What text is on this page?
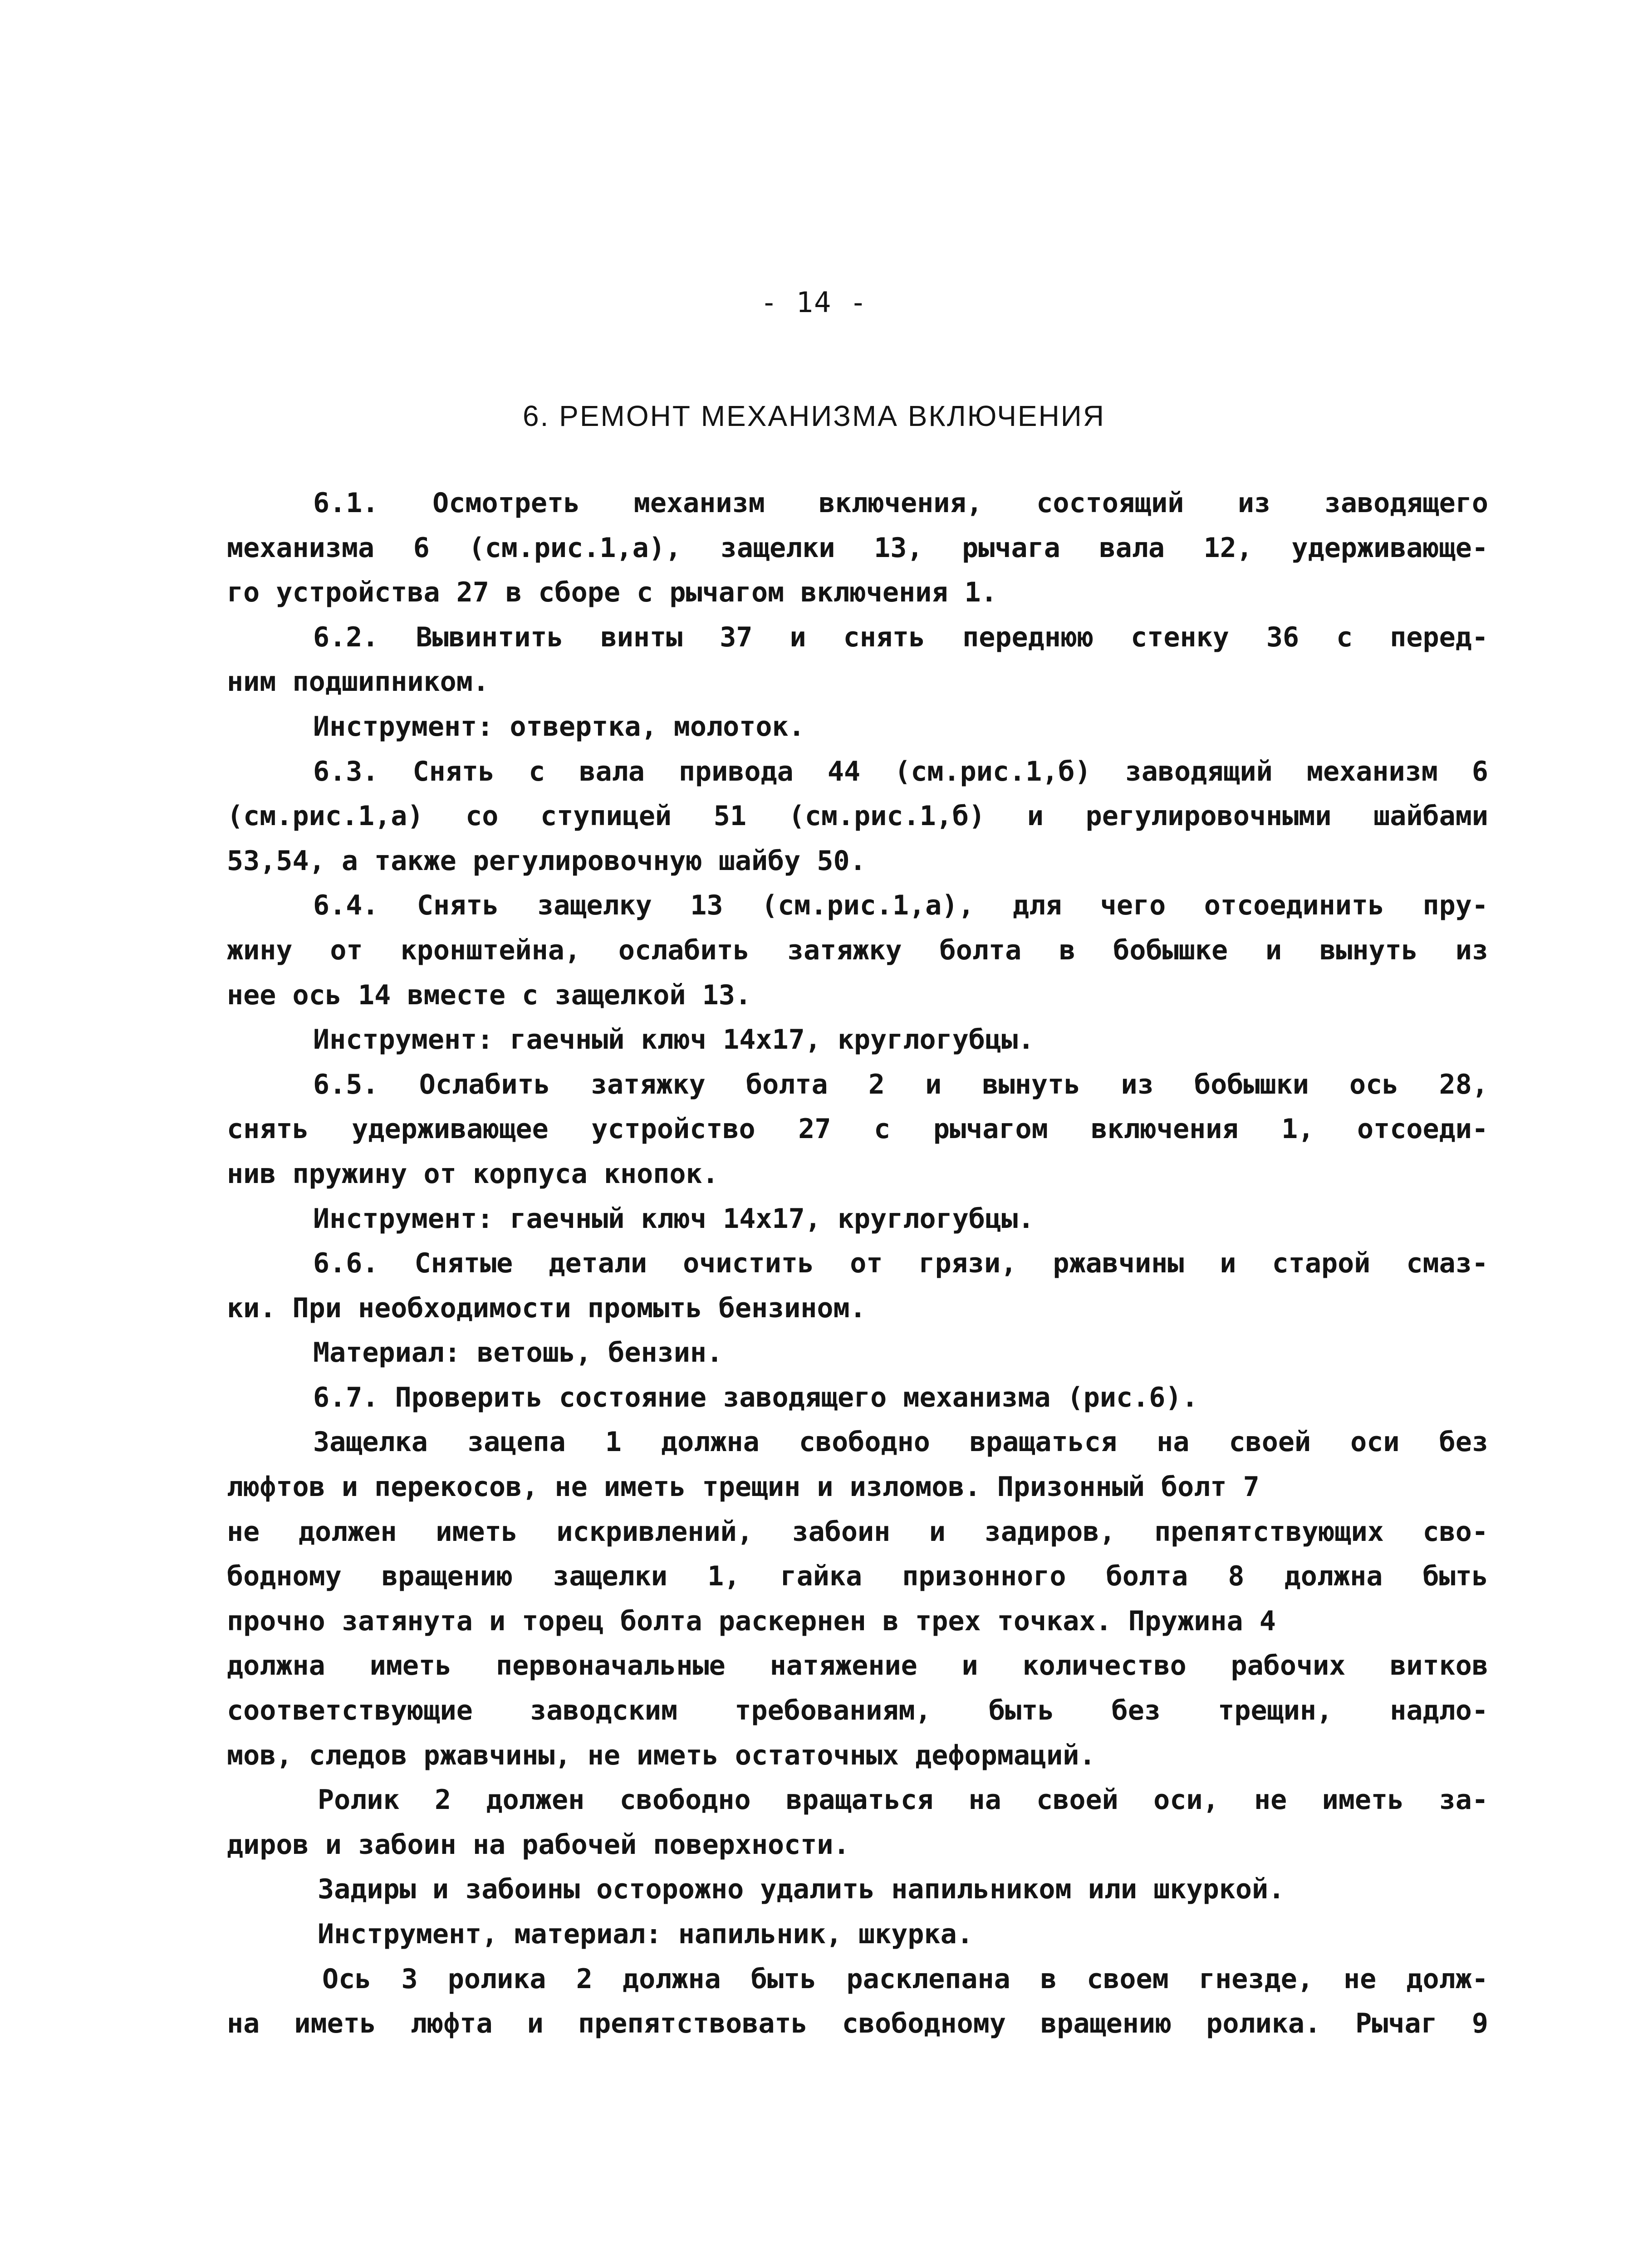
- 14 -
6. РЕМОНТ МЕХАНИЗМА ВКЛЮЧЕНИЯ
6.1. Осмотреть механизм включения, состоящий из заводящего
механизма 6 (см.рис.1,а), защелки 13, рычага вала 12, удерживающе-
го устройства 27 в сборе с рычагом включения 1.
6.2. Вывинтить винты 37 и снять переднюю стенку 36 с перед-
ним подшипником.
Инструмент: отвертка, молоток.
6.3. Снять с вала привода 44 (см.рис.1,б) заводящий механизм 6
(см.рис.1,а) со ступицей 51 (см.рис.1,б) и регулировочными шайбами
53,54, а также регулировочную шайбу 50.
6.4. Снять защелку 13 (см.рис.1,а), для чего отсоединить пру-
жину от кронштейна, ослабить затяжку болта в бобышке и вынуть из
нее ось 14 вместе с защелкой 13.
Инструмент: гаечный ключ 14х17, круглогубцы.
6.5. Ослабить затяжку болта 2 и вынуть из бобышки ось 28,
снять удерживающее устройство 27 с рычагом включения 1, отсоеди-
нив пружину от корпуса кнопок.
Инструмент: гаечный ключ 14х17, круглогубцы.
6.6. Снятые детали очистить от грязи, ржавчины и старой смаз-
ки. При необходимости промыть бензином.
Материал: ветошь, бензин.
6.7. Проверить состояние заводящего механизма (рис.6).
Защелка зацепа 1 должна свободно вращаться на своей оси без
люфтов и перекосов, не иметь трещин и изломов. Призонный болт 7
не должен иметь искривлений, забоин и задиров, препятствующих сво-
бодному вращению защелки 1, гайка призонного болта 8 должна быть
прочно затянута и торец болта раскернен в трех точках. Пружина 4
должна иметь первоначальные натяжение и количество рабочих витков
соответствующие заводским требованиям, быть без трещин, надло-
мов, следов ржавчины, не иметь остаточных деформаций.
Ролик 2 должен свободно вращаться на своей оси, не иметь за-
диров и забоин на рабочей поверхности.
Задиры и забоины осторожно удалить напильником или шкуркой.
Инструмент, материал: напильник, шкурка.
Ось 3 ролика 2 должна быть расклепана в своем гнезде, не долж-
на иметь люфта и препятствовать свободному вращению ролика. Рычаг 9
